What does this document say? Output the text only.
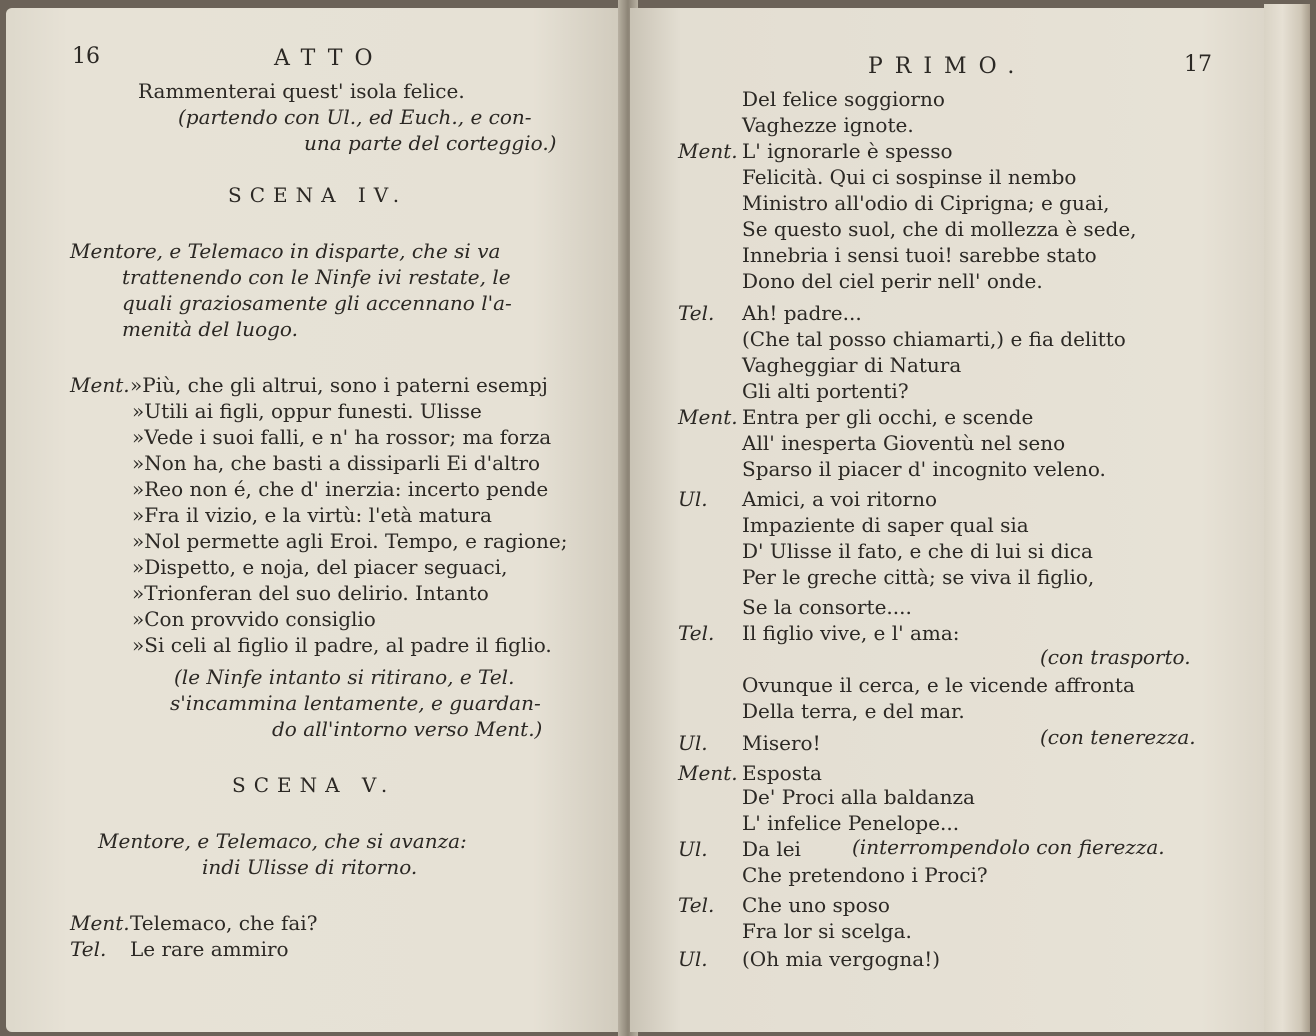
16	ATTO
Rammenterai quest' isola felice.
(partendo con Ul., ed Euch., e con-
una parte del corteggio.)
SCENA IV.
Mentore, e Telemaco in disparte, che si va
trattenendo con le Ninfe ivi restate, le
quali graziosamente gli accennano l'a-
menità del luogo.
Ment. »Più, che gli altrui, sono i paterni esempj
»Utili ai figli, oppur funesti. Ulisse
»Vede i suoi falli, e n' ha rossor; ma forza
»Non ha, che basti a dissiparli Ei d'altro
»Reo non é, che d' inerzia: incerto pende
»Fra il vizio, e la virtù: l'età matura
»Nol permette agli Eroi. Tempo, e ragione;
»Dispetto, e noja, del piacer seguaci,
»Trionferan del suo delirio. Intanto
»Con provvido consiglio
»Si celi al figlio il padre, al padre il figlio.
(le Ninfe intanto si ritirano, e Tel.
s'incammina lentamente, e guardan-
do all'intorno verso Ment.)
SCENA V.
Mentore, e Telemaco, che si avanza:
indi Ulisse di ritorno.
Ment. Telemaco, che fai?
Tel. Le rare ammiro
PRIMO.	17
Del felice soggiorno
Vaghezze ignote.
Ment. L' ignorarle è spesso
Felicità. Qui ci sospinse il nembo
Ministro all'odio di Ciprigna; e guai,
Se questo suol, che di mollezza è sede,
Innebria i sensi tuoi! sarebbe stato
Dono del ciel perir nell' onde.
Tel. Ah! padre...
(Che tal posso chiamarti,) e fia delitto
Vagheggiar di Natura
Gli alti portenti?
Ment. Entra per gli occhi, e scende
All' inesperta Gioventù nel seno
Sparso il piacer d' incognito veleno.
Ul. Amici, a voi ritorno
Impaziente di saper qual sia
D' Ulisse il fato, e che di lui si dica
Per le greche città; se viva il figlio,
Se la consorte....
Tel. Il figlio vive, e l' ama:
(con trasporto.
Ovunque il cerca, e le vicende affronta
Della terra, e del mar.
Ul. Misero!	(con tenerezza.
Ment. Esposta
De' Proci alla baldanza
L' infelice Penelope...
Ul. Da lei	(interrompendolo con fierezza.
Che pretendono i Proci?
Tel. Che uno sposo
Fra lor si scelga.
Ul. (Oh mia vergogna!)
